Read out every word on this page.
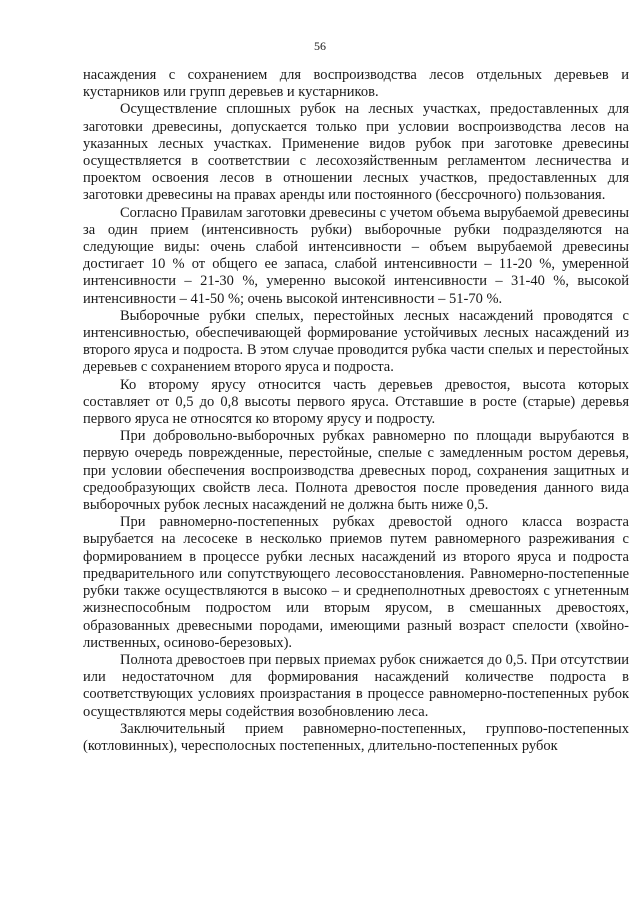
56

насаждения с сохранением для воспроизводства лесов отдельных деревьев и кустарников или групп деревьев и кустарников.

Осуществление сплошных рубок на лесных участках, предоставленных для заготовки древесины, допускается только при условии воспроизводства лесов на указанных лесных участках. Применение видов рубок при заготовке древесины осуществляется в соответствии с лесохозяйственным регламентом лесничества и проектом освоения лесов в отношении лесных участков, предоставленных для заготовки древесины на правах аренды или постоянного (бессрочного) пользования.

Согласно Правилам заготовки древесины с учетом объема вырубаемой древесины за один прием (интенсивность рубки) выборочные рубки подразделяются на следующие виды: очень слабой интенсивности – объем вырубаемой древесины достигает 10 % от общего ее запаса, слабой интенсивности – 11-20 %, умеренной интенсивности – 21-30 %, умеренно высокой интенсивности – 31-40 %, высокой интенсивности – 41-50 %; очень высокой интенсивности – 51-70 %.

Выборочные рубки спелых, перестойных лесных насаждений проводятся с интенсивностью, обеспечивающей формирование устойчивых лесных насаждений из второго яруса и подроста. В этом случае проводится рубка части спелых и перестойных деревьев с сохранением второго яруса и подроста.

Ко второму ярусу относится часть деревьев древостоя, высота которых составляет от 0,5 до 0,8 высоты первого яруса. Отставшие в росте (старые) деревья первого яруса не относятся ко второму ярусу и подросту.

При добровольно-выборочных рубках равномерно по площади вырубаются в первую очередь поврежденные, перестойные, спелые с замедленным ростом деревья, при условии обеспечения воспроизводства древесных пород, сохранения защитных и средообразующих свойств леса. Полнота древостоя после проведения данного вида выборочных рубок лесных насаждений не должна быть ниже 0,5.

При равномерно-постепенных рубках древостой одного класса возраста вырубается на лесосеке в несколько приемов путем равномерного разреживания с формированием в процессе рубки лесных насаждений из второго яруса и подроста предварительного или сопутствующего лесовосстановления. Равномерно-постепенные рубки также осуществляются в высоко – и среднеполнотных древостоях с угнетенным жизнеспособным подростом или вторым ярусом, в смешанных древостоях, образованных древесными породами, имеющими разный возраст спелости (хвойно-лиственных, осиново-березовых).

Полнота древостоев при первых приемах рубок снижается до 0,5. При отсутствии или недостаточном для формирования насаждений количестве подроста в соответствующих условиях произрастания в процессе равномерно-постепенных рубок осуществляются меры содействия возобновлению леса.

Заключительный прием равномерно-постепенных, группово-постепенных (котловинных), чересполосных постепенных, длительно-постепенных рубок
